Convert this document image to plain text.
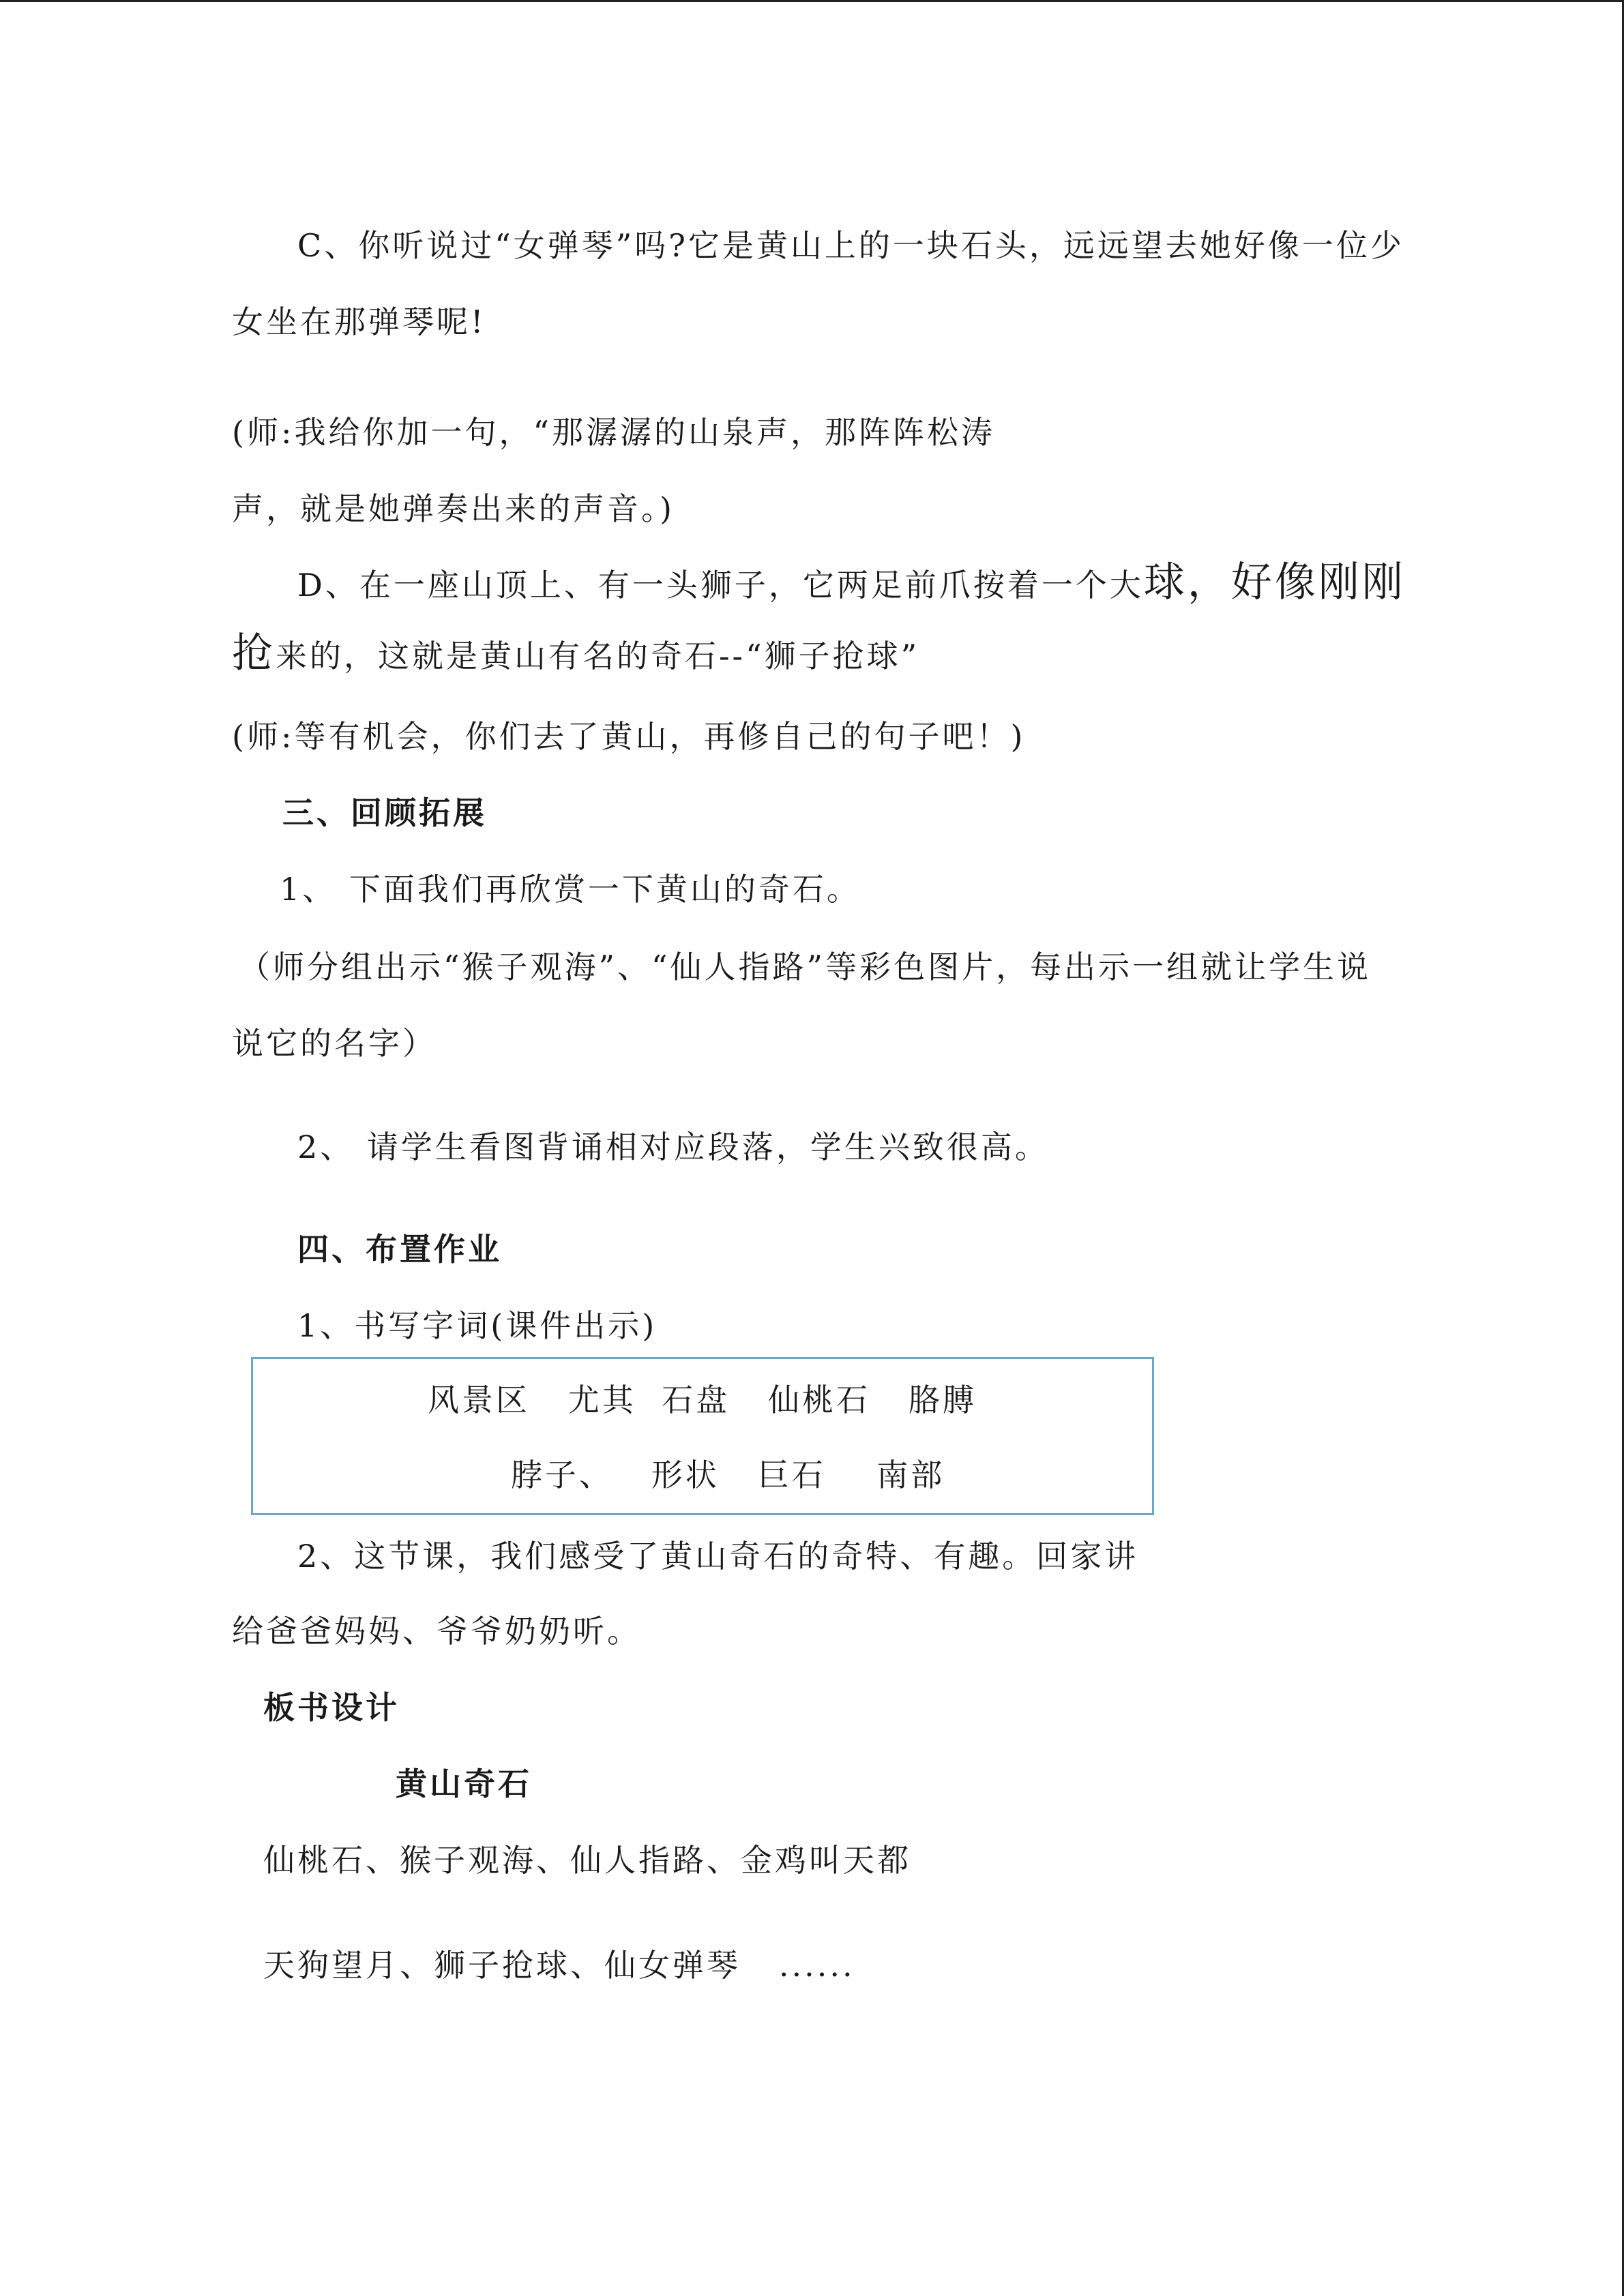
C、你听说过“女弹琴”吗?它是黄山上的一块石头，远远望去她好像一位少
女坐在那弹琴呢!
(师:我给你加一句，“那潺潺的山泉声，那阵阵松涛
声，就是她弹奏出来的声音。)
D、在一座山顶上、有一头狮子，它两足前爪按着一个大球，好像刚刚
抢来的，这就是黄山有名的奇石--“狮子抢球”
(师:等有机会，你们去了黄山，再修自己的句子吧！)
三、回顾拓展
1、 下面我们再欣赏一下黄山的奇石。
（师分组出示“猴子观海”、“仙人指路”等彩色图片，每出示一组就让学生说
说它的名字）
2、 请学生看图背诵相对应段落，学生兴致很高。
四、布置作业
1、书写字词(课件出示)
风景区   尤其  石盘   仙桃石   胳膊
脖子、   形状   巨石    南部
2、这节课，我们感受了黄山奇石的奇特、有趣。回家讲
给爸爸妈妈、爷爷奶奶听。
板书设计
黄山奇石
仙桃石、猴子观海、仙人指路、金鸡叫天都
天狗望月、狮子抢球、仙女弹琴   ......
